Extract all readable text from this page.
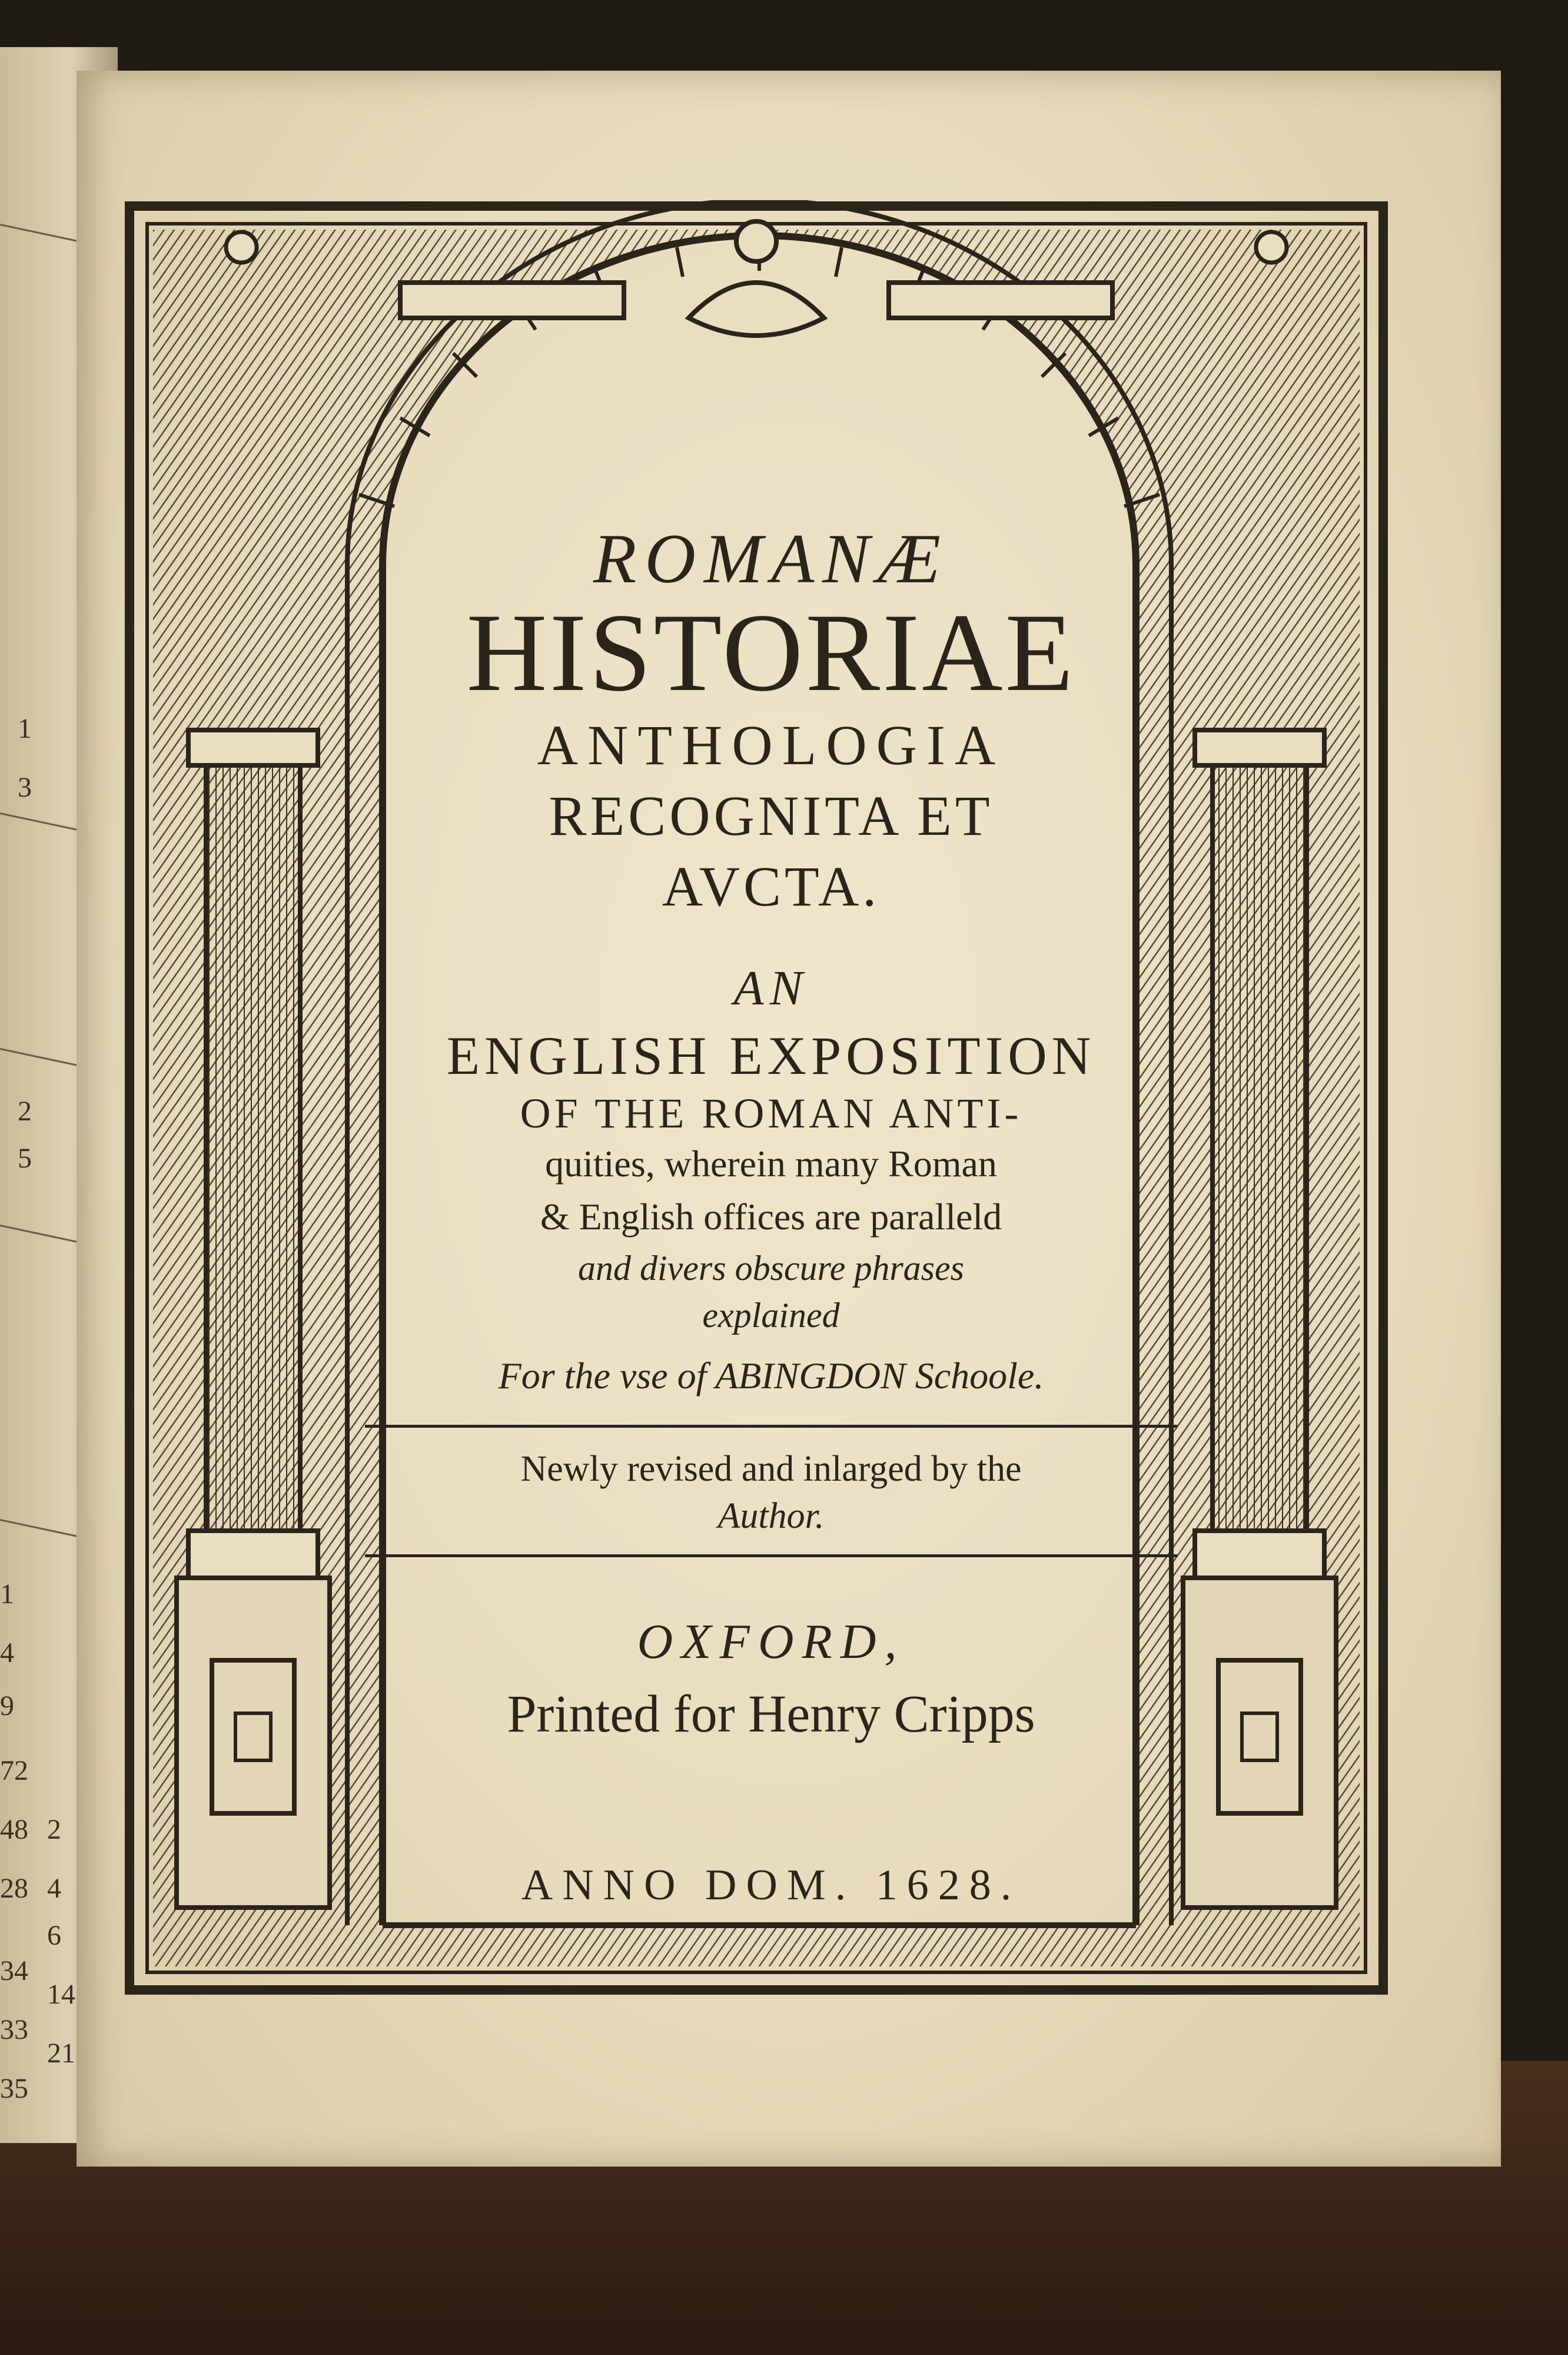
1
3
5
2
1
4
9
72
48
28
34
33
35
2
4
6
14
21
ROMANÆ
HISTORIAE
ANTHOLOGIA
RECOGNITA ET
AVCTA.
AN
ENGLISH EXPOSITION
OF THE ROMAN ANTI-
quities, wherein many Roman
& English offices are paralleld
and divers obscure phrases
explained
For the vse of ABINGDON Schoole.
Newly revised and inlarged by the
Author.
OXFORD,
Printed for Henry Cripps
ANNO DOM. 1628.
